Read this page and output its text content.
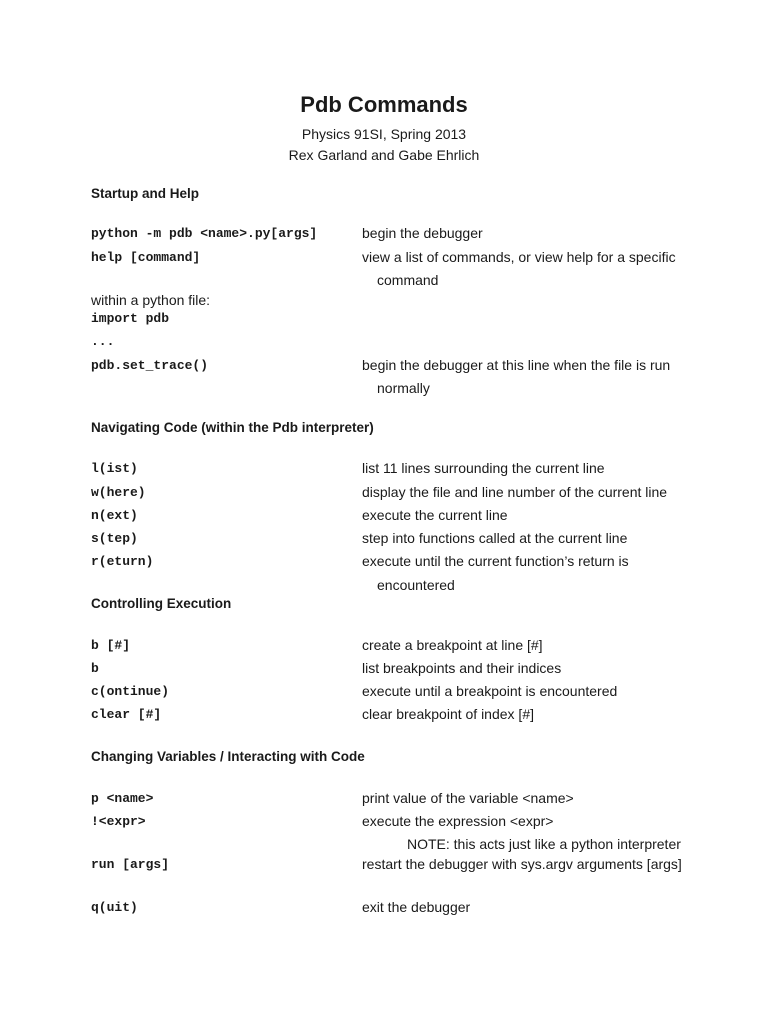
Pdb Commands
Physics 91SI, Spring 2013
Rex Garland and Gabe Ehrlich
Startup and Help
python -m pdb <name>.py[args]	begin the debugger
help [command]	view a list of commands, or view help for a specific
command
within a python file:
import pdb
...
pdb.set_trace()	begin the debugger at this line when the file is run
normally
Navigating Code (within the Pdb interpreter)
l(ist)	list 11 lines surrounding the current line
w(here)	display the file and line number of the current line
n(ext)	execute the current line
s(tep)	step into functions called at the current line
r(eturn)	execute until the current function’s return is
encountered
Controlling Execution
b [#]	create a breakpoint at line [#]
b	list breakpoints and their indices
c(ontinue)	execute until a breakpoint is encountered
clear [#]	clear breakpoint of index [#]
Changing Variables / Interacting with Code
p <name>	print value of the variable <name>
!<expr>	execute the expression <expr>
NOTE: this acts just like a python interpreter
run [args]	restart the debugger with sys.argv arguments [args]
q(uit)	exit the debugger
